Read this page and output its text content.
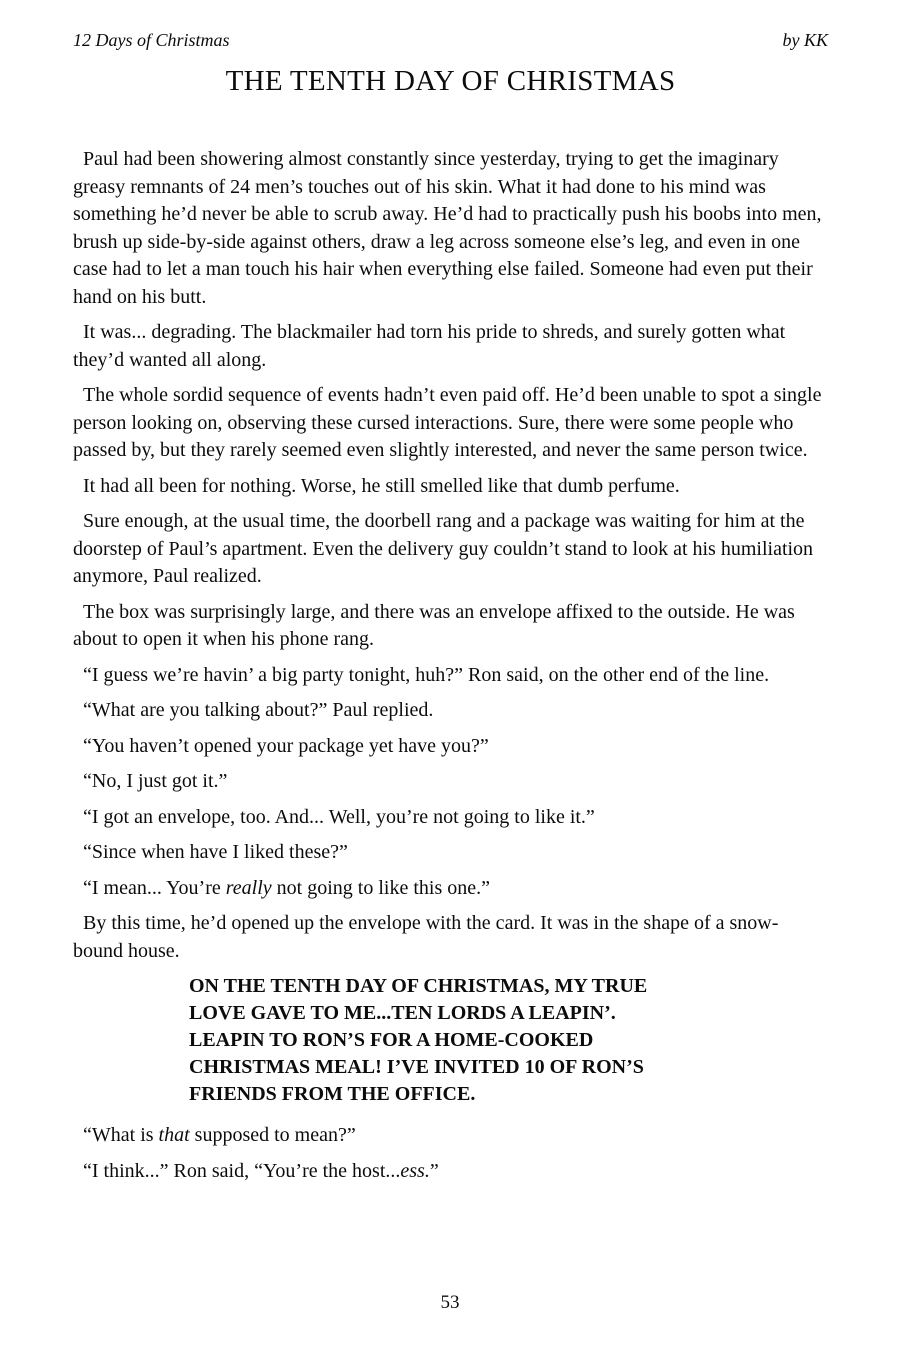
12 Days of Christmas	by KK
THE TENTH DAY OF CHRISTMAS

Paul had been showering almost constantly since yesterday, trying to get the imaginary greasy remnants of 24 men’s touches out of his skin. What it had done to his mind was something he’d never be able to scrub away. He’d had to practically push his boobs into men, brush up side-by-side against others, draw a leg across someone else’s leg, and even in one case had to let a man touch his hair when everything else failed. Someone had even put their hand on his butt.

It was... degrading. The blackmailer had torn his pride to shreds, and surely gotten what they’d wanted all along.

The whole sordid sequence of events hadn’t even paid off. He’d been unable to spot a single person looking on, observing these cursed interactions. Sure, there were some people who passed by, but they rarely seemed even slightly interested, and never the same person twice.

It had all been for nothing. Worse, he still smelled like that dumb perfume.

Sure enough, at the usual time, the doorbell rang and a package was waiting for him at the doorstep of Paul’s apartment. Even the delivery guy couldn’t stand to look at his humiliation anymore, Paul realized.

The box was surprisingly large, and there was an envelope affixed to the outside. He was about to open it when his phone rang.

“I guess we’re havin’ a big party tonight, huh?” Ron said, on the other end of the line.

“What are you talking about?” Paul replied.

“You haven’t opened your package yet have you?”

“No, I just got it.”

“I got an envelope, too. And... Well, you’re not going to like it.”

“Since when have I liked these?”

“I mean... You’re really not going to like this one.”

By this time, he’d opened up the envelope with the card. It was in the shape of a snow-bound house.

ON THE TENTH DAY OF CHRISTMAS, MY TRUE
LOVE GAVE TO ME...TEN LORDS A LEAPIN’.
LEAPIN TO RON’S FOR A HOME-COOKED
CHRISTMAS MEAL! I’VE INVITED 10 OF RON’S
FRIENDS FROM THE OFFICE.

“What is that supposed to mean?”

“I think...” Ron said, “You’re the host...ess.”

53
